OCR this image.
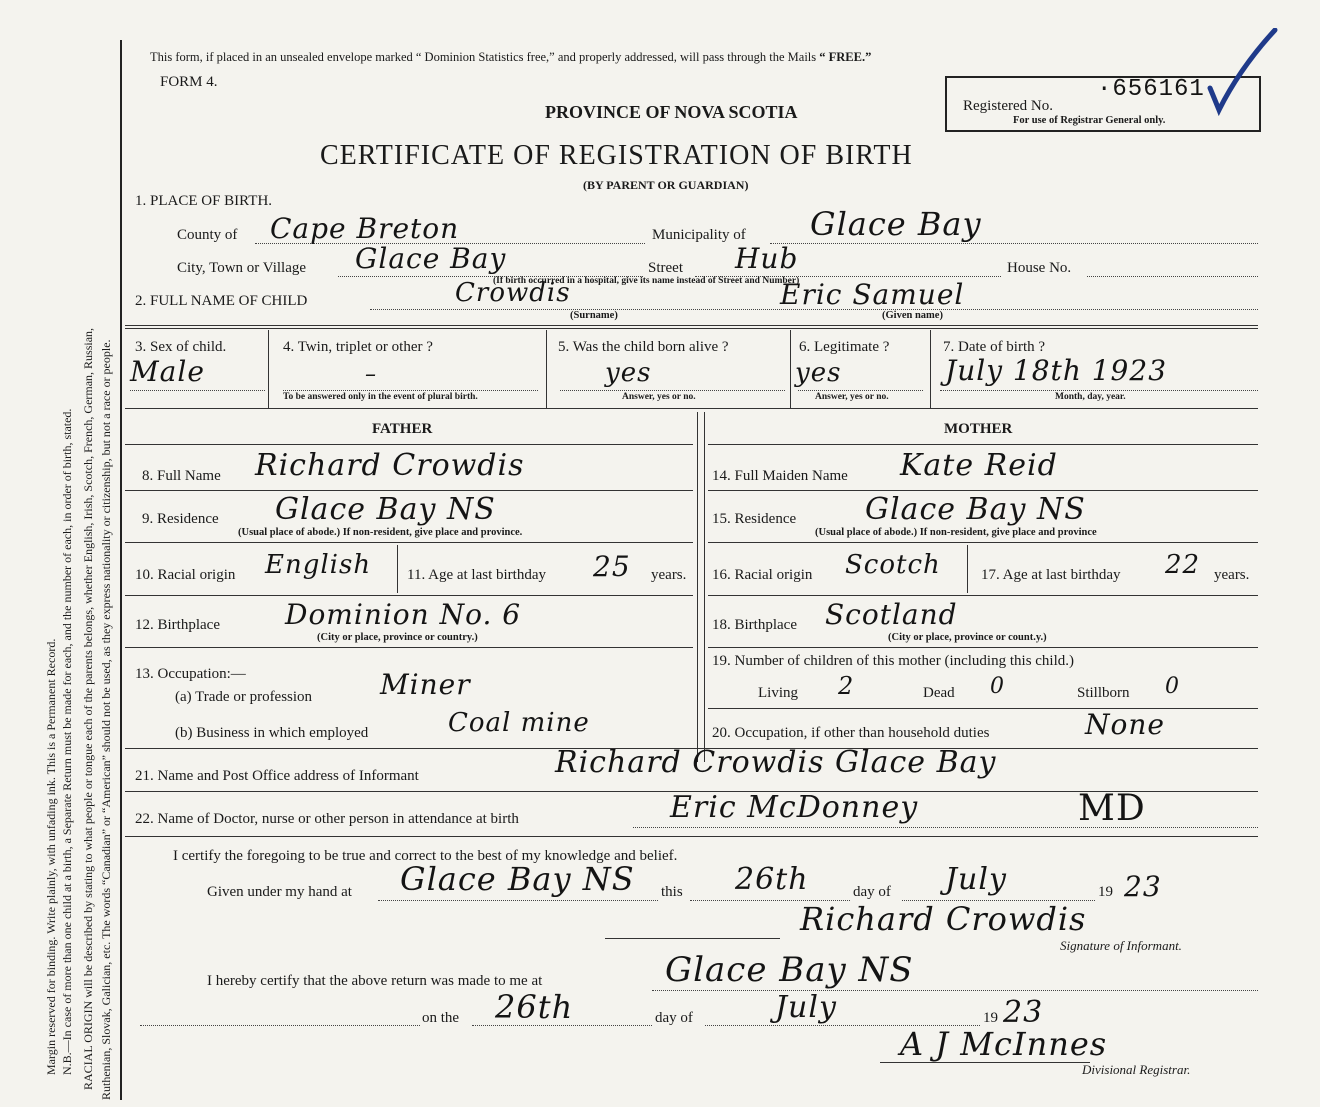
Margin reserved for binding. Write plainly, with unfading ink. This is a Permanent Record. N.B.—In case of more than one child at a birth, a Separate Return must be made for each, and the number of each, in order of birth, stated. RACIAL ORIGIN will be described by stating to what people or tongue each of the parents belongs, whether English, Irish, Scotch, French, German, Russian, Ruthenian, Slovak, Galician, etc. The words “Canadian” or “American” should not be used, as they express nationality or citizenship, but not a race or people.
This form, if placed in an unsealed envelope marked “ Dominion Statistics free,” and properly addressed, will pass through the Mails “ FREE.”
FORM 4.
PROVINCE OF NOVA SCOTIA	Registered No.
·656161
For use of Registrar General only.
CERTIFICATE OF REGISTRATION OF BIRTH
(BY PARENT OR GUARDIAN)
1. PLACE OF BIRTH.
County of Cape Breton	Municipality of Glace Bay
City, Town or Village Glace Bay	Street Hub	House No.
(If birth occurred in a hospital, give its name instead of Street and Number)
2. FULL NAME OF CHILD	Crowdis	Eric Samuel
(Surname)	(Given name)
3. Sex of child.
Male
4. Twin, triplet or other ?
–
To be answered only in the event of plural birth.
5. Was the child born alive ?
yes
Answer, yes or no.
6. Legitimate ?
yes
Answer, yes or no.
7. Date of birth ?
July 18th 1923
Month, day, year.
FATHER	MOTHER
8. Full Name Richard Crowdis	14. Full Maiden Name Kate Reid
9. Residence Glace Bay NS
(Usual place of abode.) If non-resident, give place and province.
15. Residence Glace Bay NS
(Usual place of abode.) If non-resident, give place and province
10. Racial origin English 11. Age at last birthday 25 years. 16. Racial origin Scotch	17. Age at last birthday 22 years.
12. Birthplace Dominion No. 6
(City or place, province or country.)
18. Birthplace Scotland
(City or place, province or count.y.)
13. Occupation:—
(a) Trade or profession Miner
19. Number of children of this mother (including this child.)
Living 2	Dead 0	Stillborn 0
(b) Business in which employed	Coal mine	20. Occupation, if other than household duties	None
21. Name and Post Office address of Informant	Richard Crowdis Glace Bay
22. Name of Doctor, nurse or other person in attendance at birth	Eric McDonney	MD
I certify the foregoing to be true and correct to the best of my knowledge and belief.
Given under my hand at Glace Bay NS this 26th	day of July	19 23
Richard Crowdis
Signature of Informant.
I hereby certify that the above return was made to me at	Glace Bay NS
on the 26th	day of	July	19 23
A J McInnes
Divisional Registrar.
